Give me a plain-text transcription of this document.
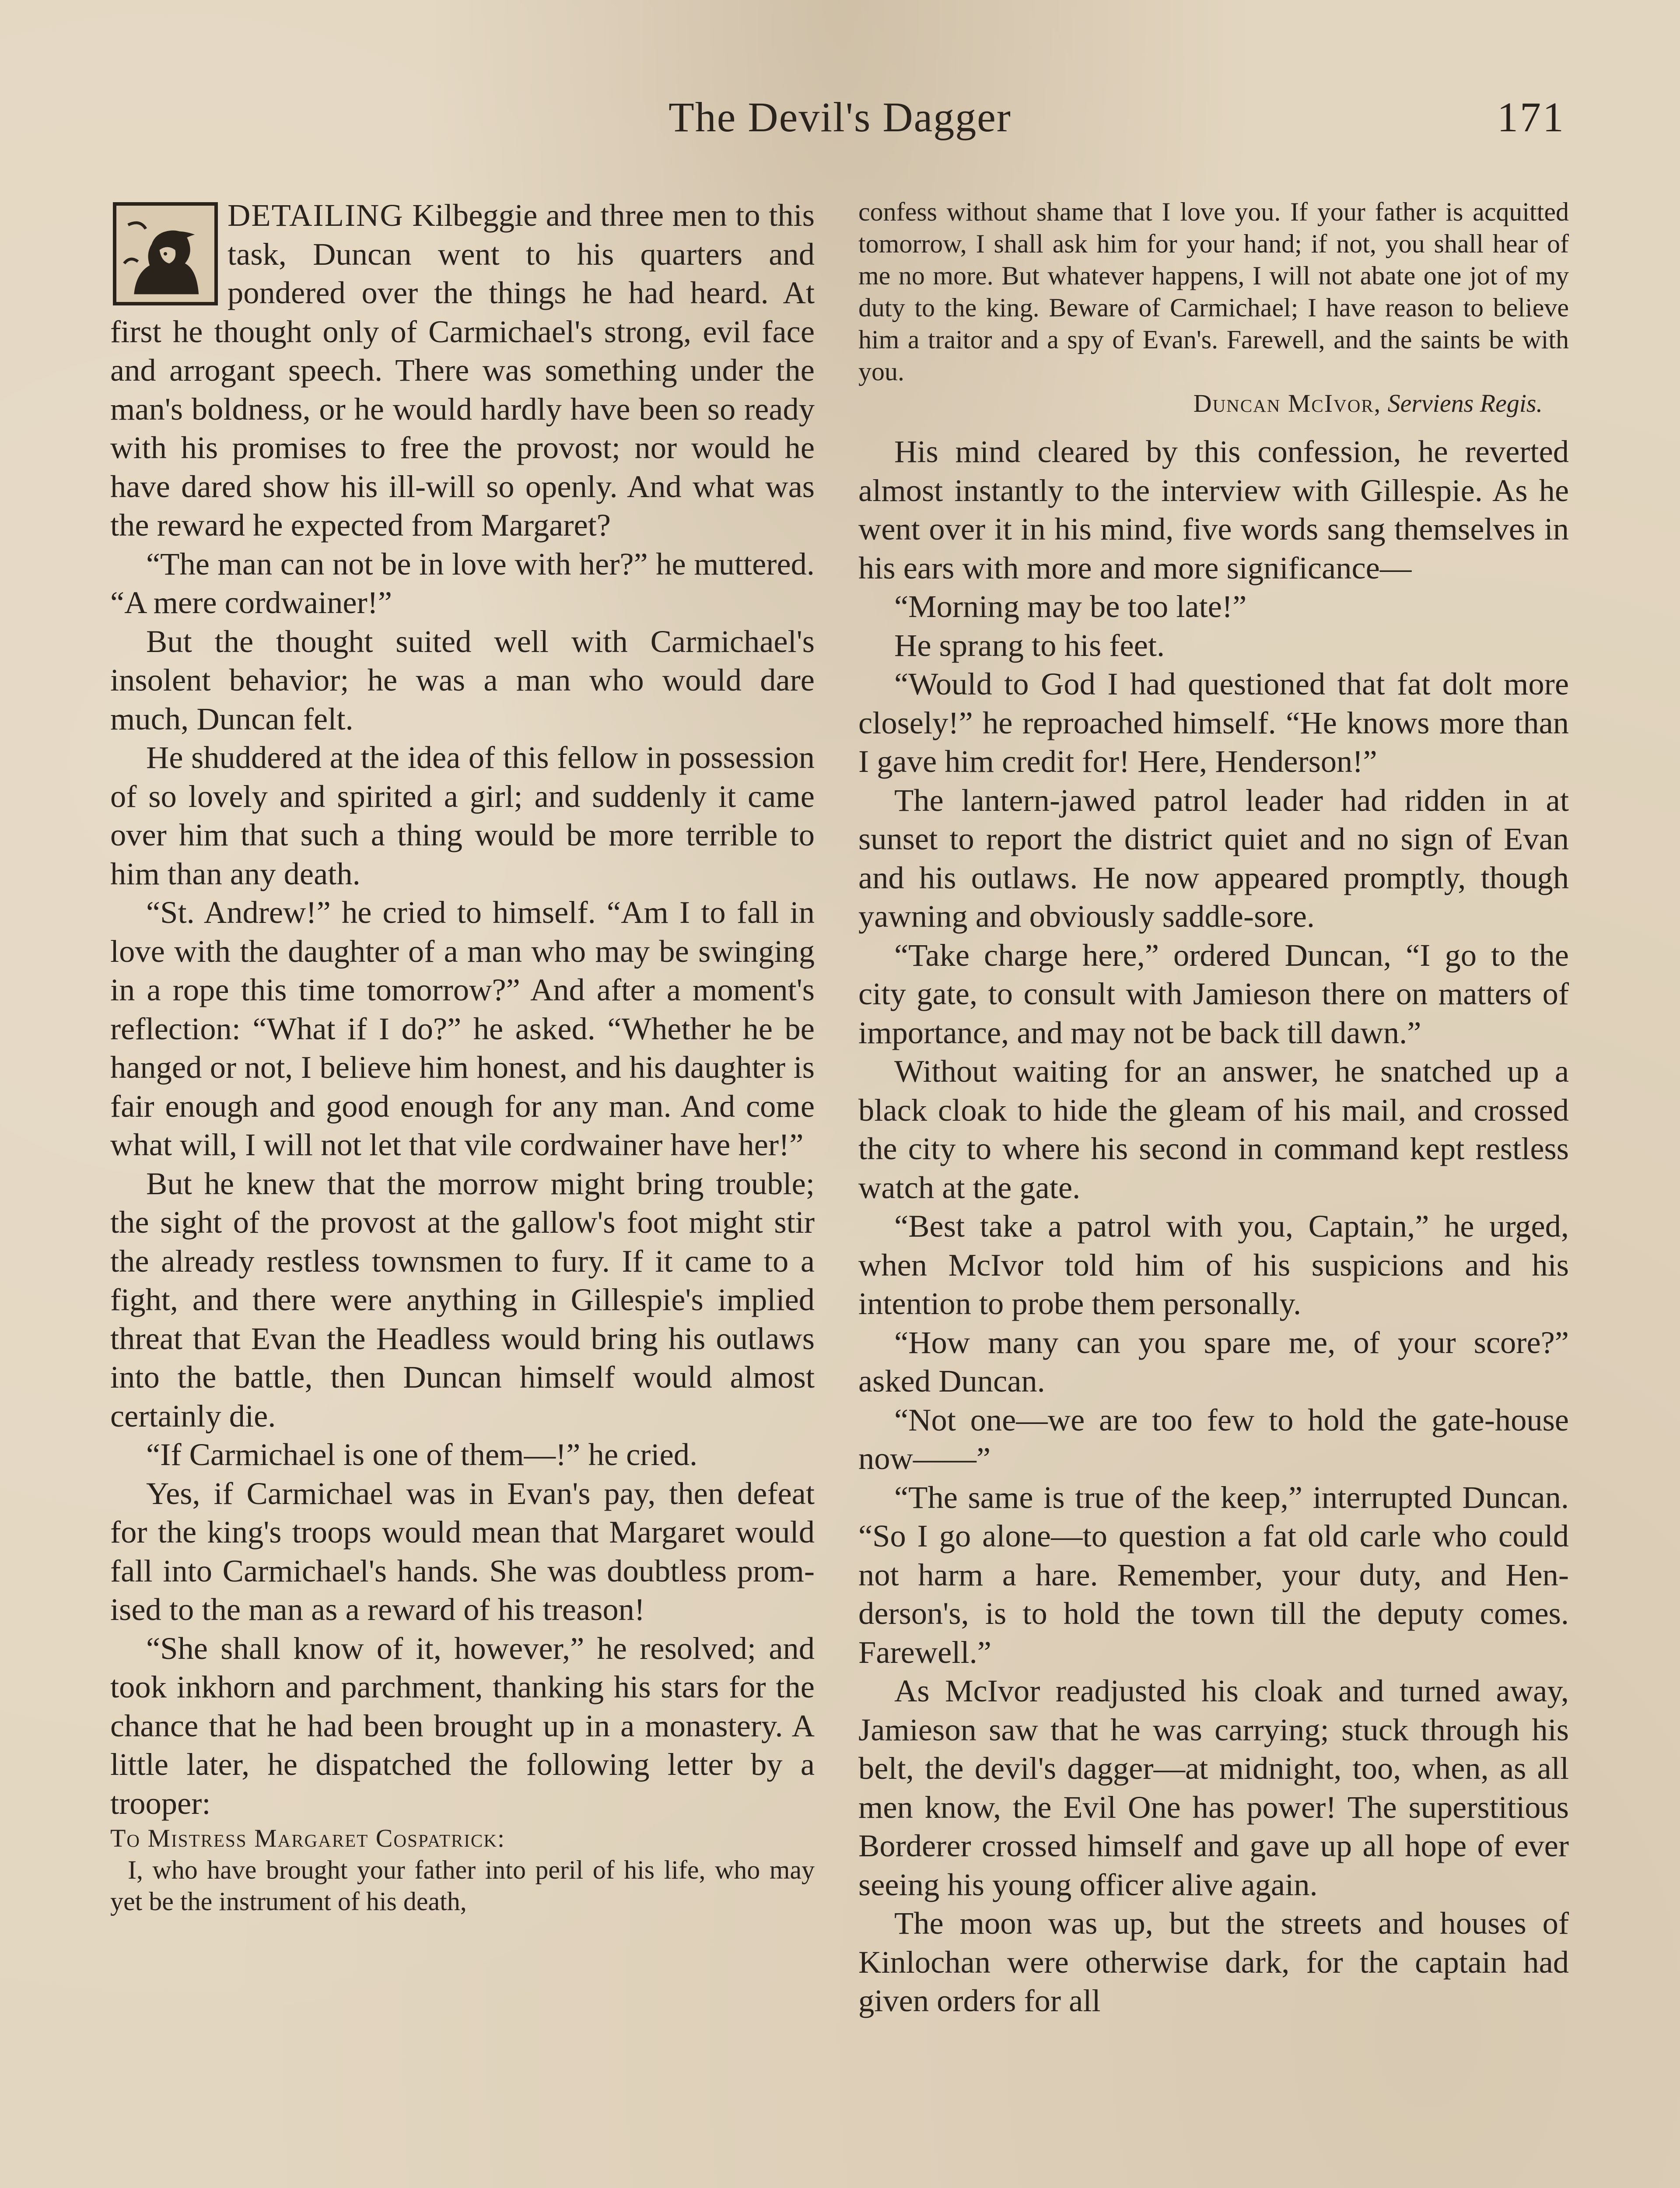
The Devil's Dagger	171

DETAILING Kilbeggie and three men to this task, Duncan went to his quarters and pondered over the things he had heard. At first he thought only of Carmichael's strong, evil face and arrogant speech. There was something under the man's boldness, or he would hardly have been so ready with his promises to free the provost; nor would he have dared show his ill-will so openly. And what was the reward he expected from Margaret?

“The man can not be in love with her?” he muttered. “A mere cordwainer!”

But the thought suited well with Carmichael's insolent behavior; he was a man who would dare much, Duncan felt.

He shuddered at the idea of this fellow in possession of so lovely and spirited a girl; and suddenly it came over him that such a thing would be more terrible to him than any death.

“St. Andrew!” he cried to himself. “Am I to fall in love with the daughter of a man who may be swinging in a rope this time tomorrow?” And after a moment's reflection: “What if I do?” he asked. “Whether he be hanged or not, I believe him honest, and his daughter is fair enough and good enough for any man. And come what will, I will not let that vile cordwainer have her!”

But he knew that the morrow might bring trouble; the sight of the provost at the gallow's foot might stir the already restless townsmen to fury. If it came to a fight, and there were anything in Gillespie's implied threat that Evan the Headless would bring his outlaws into the battle, then Duncan himself would almost certainly die.

“If Carmichael is one of them—!” he cried.

Yes, if Carmichael was in Evan's pay, then defeat for the king's troops would mean that Margaret would fall into Carmichael's hands. She was doubtless promised to the man as a reward of his treason!

“She shall know of it, however,” he resolved; and took inkhorn and parchment, thanking his stars for the chance that he had been brought up in a monastery. A little later, he dispatched the following letter by a trooper:

To Mistress Margaret Cospatrick:

I, who have brought your father into peril of his life, who may yet be the instrument of his death,

confess without shame that I love you. If your father is acquitted tomorrow, I shall ask him for your hand; if not, you shall hear of me no more. But whatever happens, I will not abate one jot of my duty to the king. Beware of Carmichael; I have reason to believe him a traitor and a spy of Evan's. Farewell, and the saints be with you.

Duncan McIvor, Serviens Regis.

His mind cleared by this confession, he reverted almost instantly to the interview with Gillespie. As he went over it in his mind, five words sang themselves in his ears with more and more significance—

“Morning may be too late!”

He sprang to his feet.

“Would to God I had questioned that fat dolt more closely!” he reproached himself. “He knows more than I gave him credit for! Here, Henderson!”

The lantern-jawed patrol leader had ridden in at sunset to report the district quiet and no sign of Evan and his outlaws. He now appeared promptly, though yawning and obviously saddle-sore.

“Take charge here,” ordered Duncan, “I go to the city gate, to consult with Jamieson there on matters of importance, and may not be back till dawn.”

Without waiting for an answer, he snatched up a black cloak to hide the gleam of his mail, and crossed the city to where his second in command kept restless watch at the gate.

“Best take a patrol with you, Captain,” he urged, when McIvor told him of his suspicions and his intention to probe them personally.

“How many can you spare me, of your score?” asked Duncan.

“Not one—we are too few to hold the gate-house now——”

“The same is true of the keep,” interrupted Duncan. “So I go alone—to question a fat old carle who could not harm a hare. Remember, your duty, and Henderson's, is to hold the town till the deputy comes. Farewell.”

As McIvor readjusted his cloak and turned away, Jamieson saw that he was carrying; stuck through his belt, the devil's dagger—at midnight, too, when, as all men know, the Evil One has power! The superstitious Borderer crossed himself and gave up all hope of ever seeing his young officer alive again.

The moon was up, but the streets and houses of Kinlochan were otherwise dark, for the captain had given orders for all
